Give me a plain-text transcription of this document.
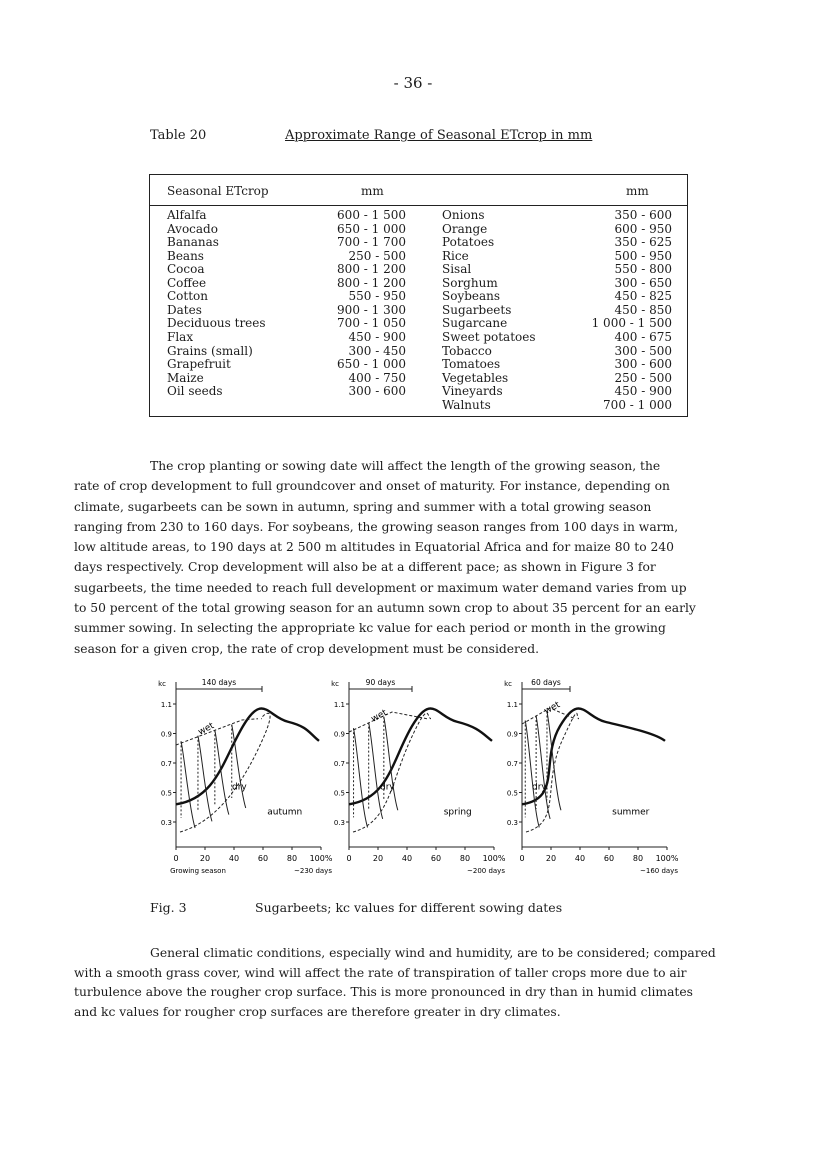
- 36 -
Table 20	Approximate Range of Seasonal ETcrop in mm
Seasonal ETcrop	mm	mm
Alfalfa	600 - 1 500
Avocado	650 - 1 000
Bananas	700 - 1 700
Beans	250 - 500
Cocoa	800 - 1 200
Coffee	800 - 1 200
Cotton	550 - 950
Dates	900 - 1 300
Deciduous trees	700 - 1 050
Flax	450 - 900
Grains (small)	300 - 450
Grapefruit	650 - 1 000
Maize	400 - 750
Oil seeds	300 - 600
Onions	350 - 600
Orange	600 - 950
Potatoes	350 - 625
Rice	500 - 950
Sisal	550 - 800
Sorghum	300 - 650
Soybeans	450 - 825
Sugarbeets	450 - 850
Sugarcane	1 000 - 1 500
Sweet potatoes	400 - 675
Tobacco	300 - 500
Tomatoes	300 - 600
Vegetables	250 - 500
Vineyards	450 - 900
Walnuts	700 - 1 000
The crop planting or sowing date will affect the length of the growing season, the
rate of crop development to full groundcover and onset of maturity. For instance, depending on
climate, sugarbeets can be sown in autumn, spring and summer with a total growing season
ranging from 230 to 160 days. For soybeans, the growing season ranges from 100 days in warm,
low altitude areas, to 190 days at 2 500 m altitudes in Equatorial Africa and for maize 80 to 240
days respectively. Crop development will also be at a different pace; as shown in Figure 3 for
sugarbeets, the time needed to reach full development or maximum water demand varies from up
to 50 percent of the total growing season for an autumn sown crop to about 35 percent for an early
summer sowing. In selecting the appropriate kc value for each period or month in the growing
season for a given crop, the rate of crop development must be considered.
kc
1.1
0.9
0.7
0.5
0.3
0	20 40 60 80 100%
140 days
wet
dry
autumn
~230 days
kc
1.1
0.9
0.7
0.5
0.3
0	20 40 60 80 100%
90 days
wet
dry
spring
~200 days
kc
1.1
0.9
0.7
0.5
0.3
0	20 40 60 80 100%
60 days
wet
dry
summer
~160 days
Growing season
Fig. 3	Sugarbeets; kc values for different sowing dates
General climatic conditions, especially wind and humidity, are to be considered; compared
with a smooth grass cover, wind will affect the rate of transpiration of taller crops more due to air
turbulence above the rougher crop surface. This is more pronounced in dry than in humid climates
and kc values for rougher crop surfaces are therefore greater in dry climates.
